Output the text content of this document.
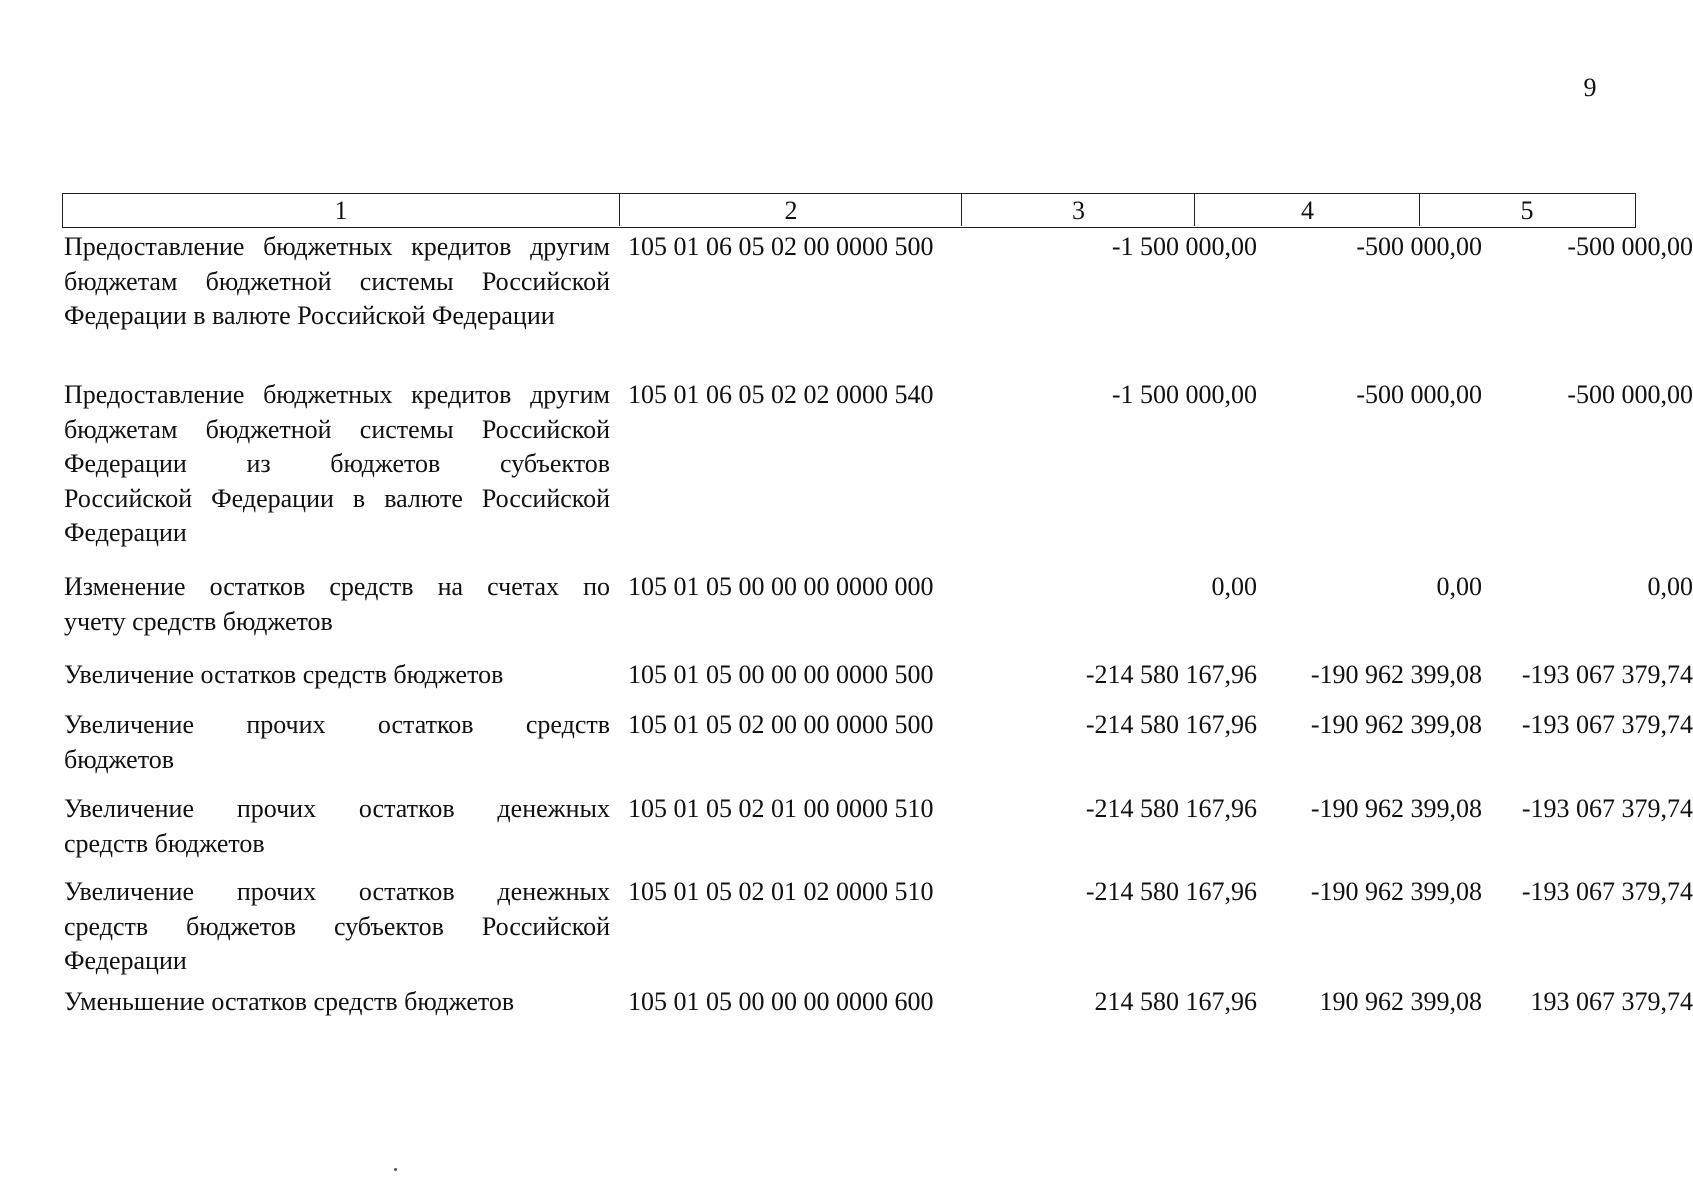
9
1	2	3	4	5
Предоставление бюджетных кредитов другим
бюджетам бюджетной системы Российской
Федерации в валюте Российской Федерации
105 01 06 05 02 00 0000 500	-1 500 000,00	-500 000,00	-500 000,00
Предоставление бюджетных кредитов другим
бюджетам бюджетной системы Российской
Федерации из бюджетов субъектов
Российской Федерации в валюте Российской
Федерации
105 01 06 05 02 02 0000 540	-1 500 000,00	-500 000,00	-500 000,00
Изменение остатков средств на счетах по
учету средств бюджетов
105 01 05 00 00 00 0000 000	0,00	0,00	0,00
Увеличение остатков средств бюджетов	105 01 05 00 00 00 0000 500	-214 580 167,96	-190 962 399,08	-193 067 379,74
Увеличение прочих остатков средств
бюджетов
105 01 05 02 00 00 0000 500	-214 580 167,96	-190 962 399,08	-193 067 379,74
Увеличение прочих остатков денежных
средств бюджетов
105 01 05 02 01 00 0000 510	-214 580 167,96	-190 962 399,08	-193 067 379,74
Увеличение прочих остатков денежных
средств бюджетов субъектов Российской
Федерации
105 01 05 02 01 02 0000 510	-214 580 167,96	-190 962 399,08	-193 067 379,74
Уменьшение остатков средств бюджетов	105 01 05 00 00 00 0000 600	214 580 167,96	190 962 399,08	193 067 379,74
